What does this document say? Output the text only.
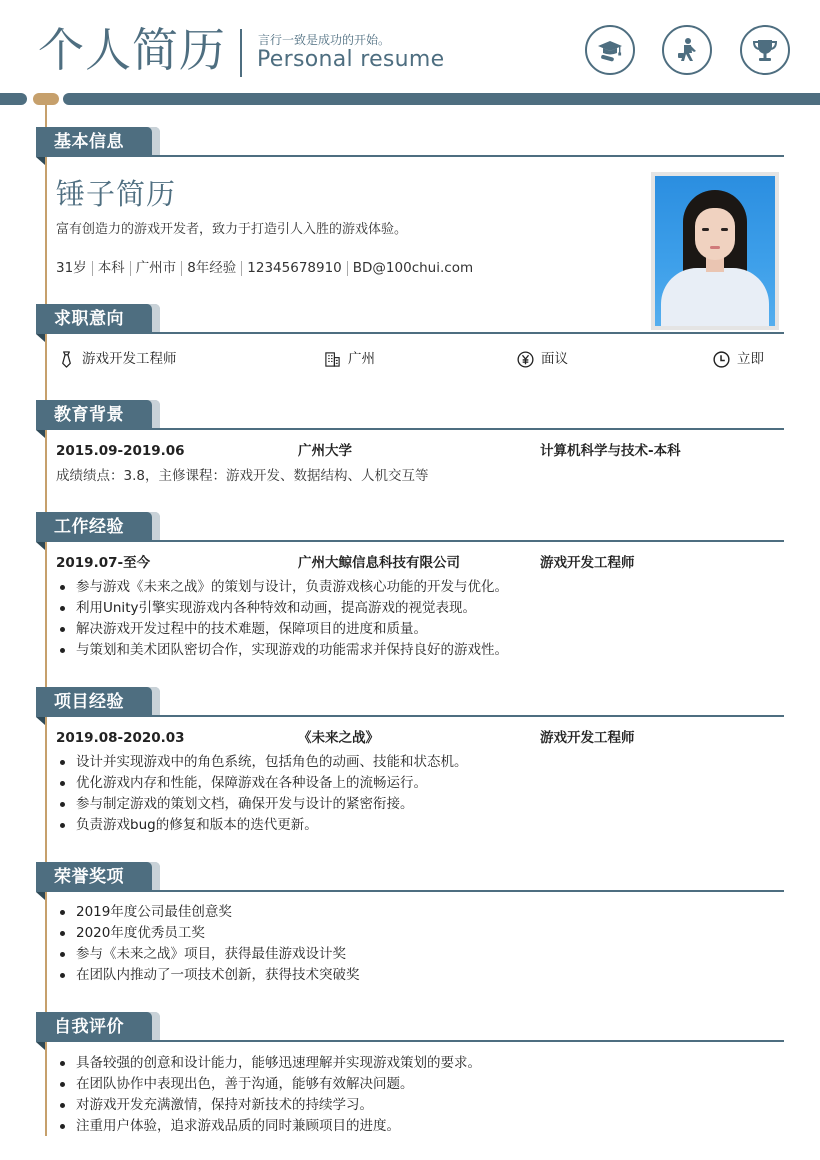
个人简历	言行一致是成功的开始。
Personal resume
基本信息
锤子简历
富有创造力的游戏开发者，致力于打造引人入胜的游戏体验。
31岁 本科 广州市 8年经验 12345678910 BD@100chui.com
求职意向
游戏开发工程师	广州	面议	立即
教育背景
2015.09-2019.06	广州大学	计算机科学与技术-本科
成绩绩点：3.8，主修课程：游戏开发、数据结构、人机交互等
工作经验
2019.07-至今	广州大鲸信息科技有限公司	游戏开发工程师
参与游戏《未来之战》的策划与设计，负责游戏核心功能的开发与优化。
利用Unity引擎实现游戏内各种特效和动画，提高游戏的视觉表现。
解决游戏开发过程中的技术难题，保障项目的进度和质量。
与策划和美术团队密切合作，实现游戏的功能需求并保持良好的游戏性。
项目经验
2019.08-2020.03	《未来之战》	游戏开发工程师
设计并实现游戏中的角色系统，包括角色的动画、技能和状态机。
优化游戏内存和性能，保障游戏在各种设备上的流畅运行。
参与制定游戏的策划文档，确保开发与设计的紧密衔接。
负责游戏bug的修复和版本的迭代更新。
荣誉奖项
2019年度公司最佳创意奖
2020年度优秀员工奖
参与《未来之战》项目，获得最佳游戏设计奖
在团队内推动了一项技术创新，获得技术突破奖
自我评价
具备较强的创意和设计能力，能够迅速理解并实现游戏策划的要求。
在团队协作中表现出色，善于沟通，能够有效解决问题。
对游戏开发充满激情，保持对新技术的持续学习。
注重用户体验，追求游戏品质的同时兼顾项目的进度。
